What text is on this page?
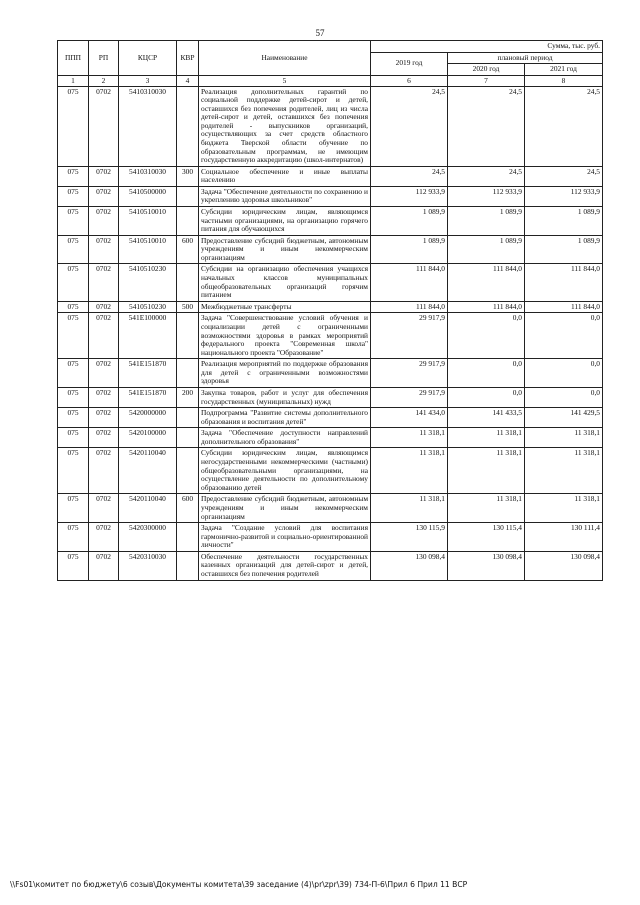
57
ППП	РП	КЦСР	КВР	Наименование	Сумма, тыс. руб.		
					2019 год	плановый период	
						2020 год	2021 год
1	2	3	4	5	6	7	8
075	0702	5410310030		Реализация дополнительных гарантий по социальной поддержке детей-сирот и детей, оставшихся без попечения родителей, лиц из числа детей-сирот и детей, оставшихся без попечения родителей - выпускников организаций, осуществляющих за счет средств областного бюджета Тверской области обучение по образовательным программам, не имеющим государственную аккредитацию (школ-интернатов)	24,5	24,5	24,5
075	0702	5410310030	300	Социальное обеспечение и иные выплаты населению	24,5	24,5	24,5
075	0702	5410500000		Задача "Обеспечение деятельности по сохранению и укреплению здоровья школьников"	112 933,9	112 933,9	112 933,9
075	0702	5410510010		Субсидии юридическим лицам, являющимся частными организациями, на организацию горячего питания для обучающихся	1 089,9	1 089,9	1 089,9
075	0702	5410510010	600	Предоставление субсидий бюджетным, автономным учреждениям и иным некоммерческим организациям	1 089,9	1 089,9	1 089,9
075	0702	5410510230		Субсидии на организацию обеспечения учащихся начальных классов муниципальных общеобразовательных организаций горячим питанием	111 844,0	111 844,0	111 844,0
075	0702	5410510230	500	Межбюджетные трансферты	111 844,0	111 844,0	111 844,0
075	0702	541E100000		Задача "Совершенствование условий обучения и социализации детей с ограниченными возможностями здоровья в рамках мероприятий федерального проекта "Современная школа" национального проекта "Образование"	29 917,9	0,0	0,0
075	0702	541E151870		Реализация мероприятий по поддержке образования для детей с ограниченными возможностями здоровья	29 917,9	0,0	0,0
075	0702	541E151870	200	Закупка товаров, работ и услуг для обеспечения государственных (муниципальных) нужд	29 917,9	0,0	0,0
075	0702	5420000000		Подпрограмма "Развитие системы дополнительного образования и воспитания детей"	141 434,0	141 433,5	141 429,5
075	0702	5420100000		Задача "Обеспечение доступности направлений дополнительного образования"	11 318,1	11 318,1	11 318,1
075	0702	5420110040		Субсидии юридическим лицам, являющимся негосударственными некоммерческими (частными) общеобразовательными организациями, на осуществление деятельности по дополнительному образованию детей	11 318,1	11 318,1	11 318,1
075	0702	5420110040	600	Предоставление субсидий бюджетным, автономным учреждениям и иным некоммерческим организациям	11 318,1	11 318,1	11 318,1
075	0702	5420300000		Задача "Создание условий для воспитания гармонично-развитой и социально-ориентированной личности"	130 115,9	130 115,4	130 111,4
075	0702	5420310030		Обеспечение деятельности государственных казенных организаций для детей-сирот и детей, оставшихся без попечения родителей	130 098,4	130 098,4	130 098,4
\\Fs01\комитет по бюджету\6 созыв\Документы комитета\39 заседание (4)\pr\zpr\39) 734-П-6\Прил 6 Прил 11 ВСР
